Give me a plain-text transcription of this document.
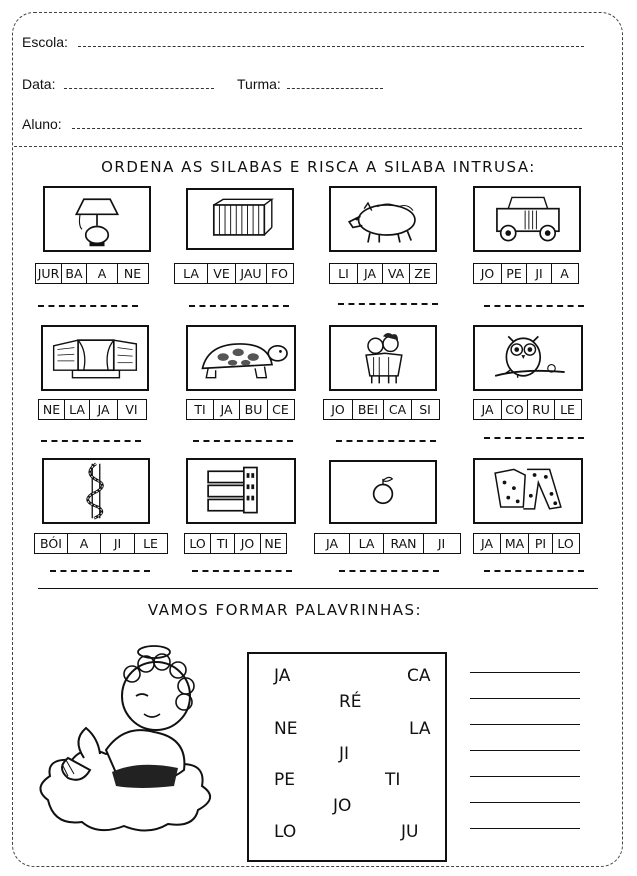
Escola:
Data:	Turma:
Aluno:
ORDENA AS SILABAS E RISCA A SILABA INTRUSA:
JUR BA	A	NE	LA	VE JAU FO	LI	JA VA ZE	JO PE	JI	A
NE LA	JA	VI	TI	JA BU CE	JO	BEI CA	SI	JA CO RU LE
BÓI	A	JI	LE	LO TI	JO NE	JA	LA	RAN	JI	JA MA PI LO
VAMOS FORMAR PALAVRINHAS:
JA	CA
RÉ
NE	LA
JI
PE	TI
JO
LO	JU
